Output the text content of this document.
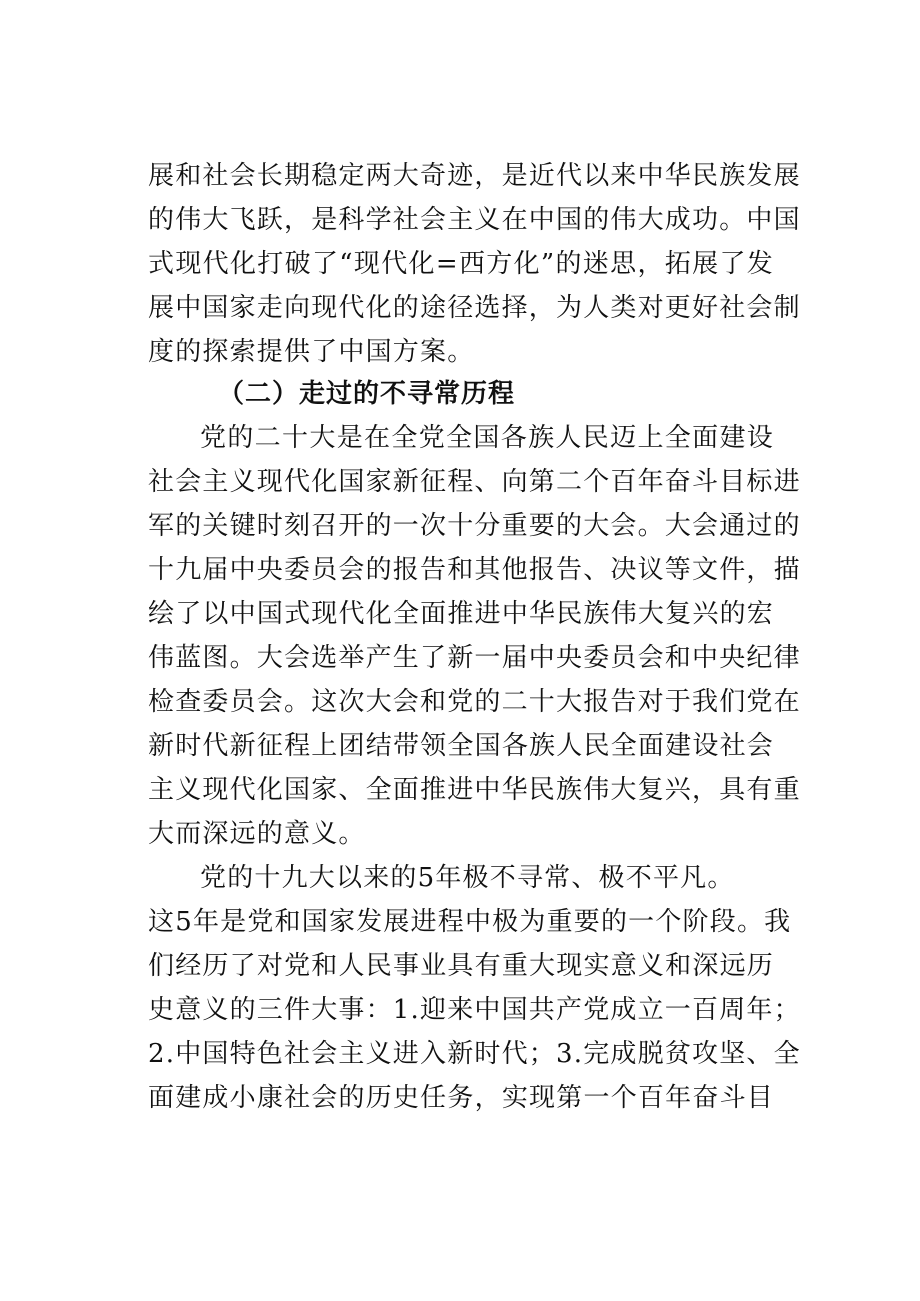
展和社会长期稳定两大奇迹，是近代以来中华民族发展
的伟大飞跃，是科学社会主义在中国的伟大成功。中国
式现代化打破了“现代化=西方化”的迷思，拓展了发
展中国家走向现代化的途径选择，为人类对更好社会制
度的探索提供了中国方案。
（二）走过的不寻常历程
党的二十大是在全党全国各族人民迈上全面建设
社会主义现代化国家新征程、向第二个百年奋斗目标进
军的关键时刻召开的一次十分重要的大会。大会通过的
十九届中央委员会的报告和其他报告、决议等文件，描
绘了以中国式现代化全面推进中华民族伟大复兴的宏
伟蓝图。大会选举产生了新一届中央委员会和中央纪律
检查委员会。这次大会和党的二十大报告对于我们党在
新时代新征程上团结带领全国各族人民全面建设社会
主义现代化国家、全面推进中华民族伟大复兴，具有重
大而深远的意义。
党的十九大以来的5年极不寻常、极不平凡。
这5年是党和国家发展进程中极为重要的一个阶段。我
们经历了对党和人民事业具有重大现实意义和深远历
史意义的三件大事：1.迎来中国共产党成立一百周年；
2.中国特色社会主义进入新时代；3.完成脱贫攻坚、全
面建成小康社会的历史任务，实现第一个百年奋斗目
